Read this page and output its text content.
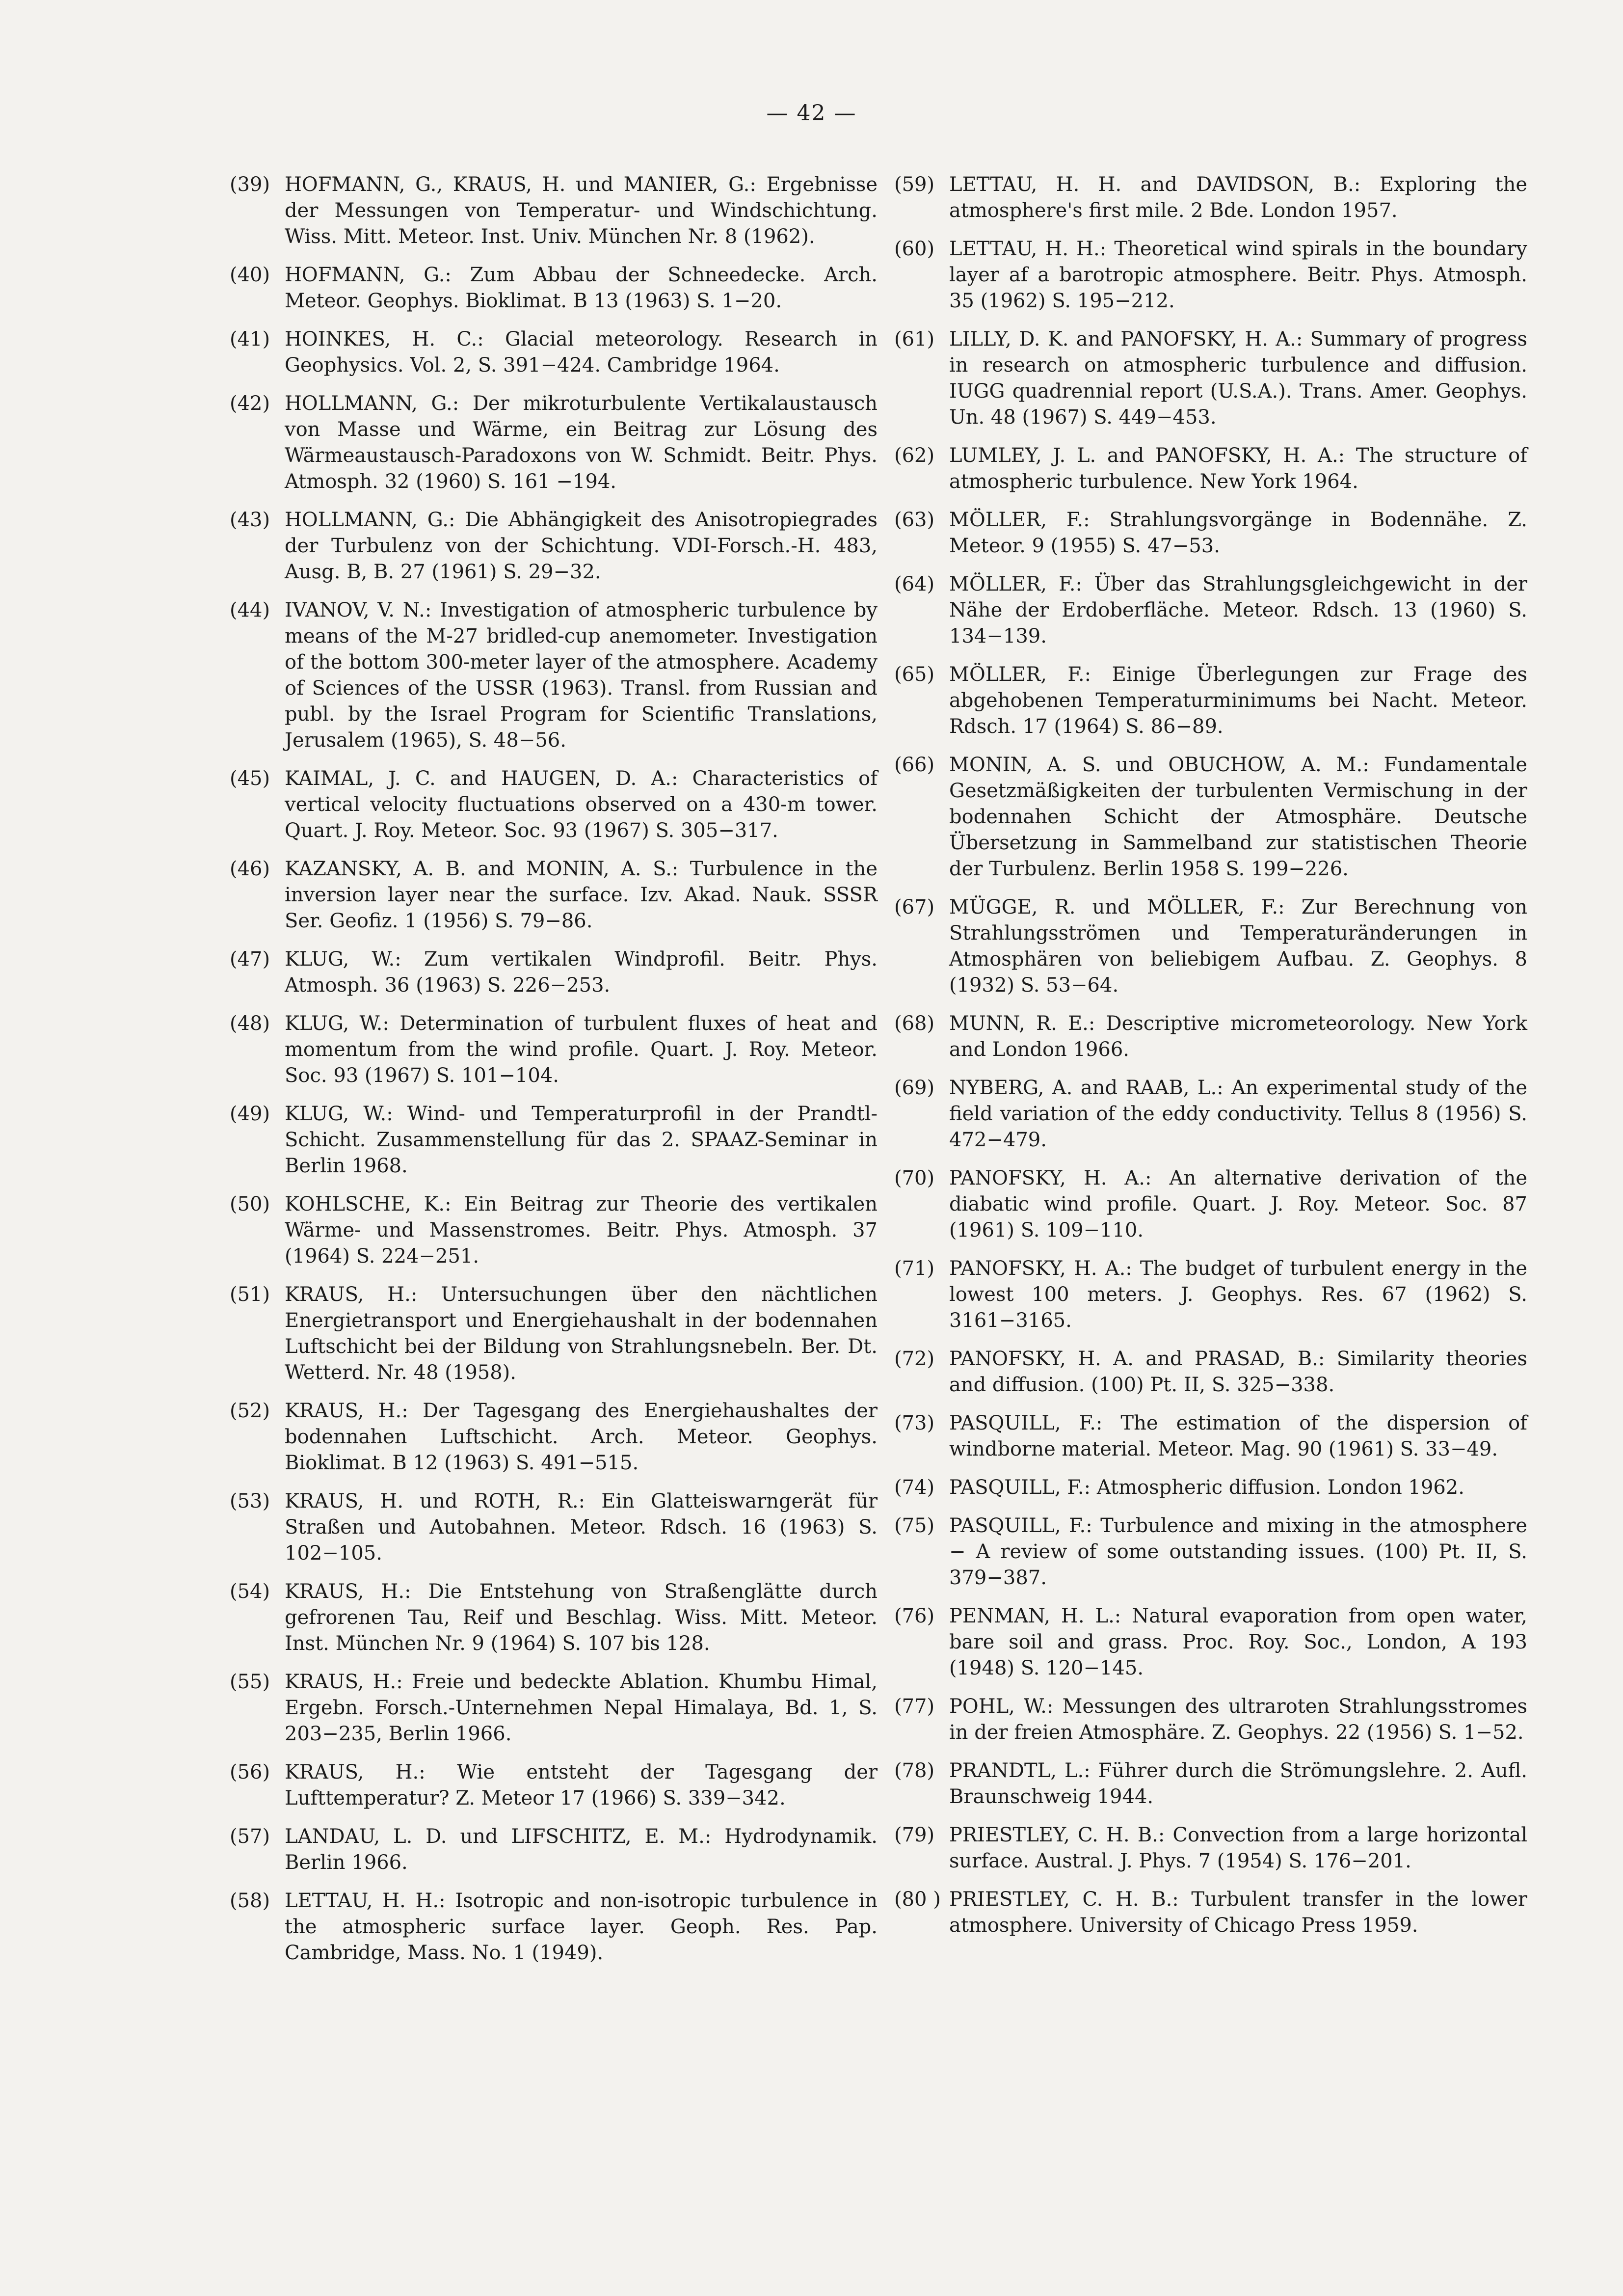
— 42 —
(39) HOFMANN, G., KRAUS, H. und MANIER, G.: Ergebnisse der Messungen von Temperatur- und Windschichtung. Wiss. Mitt. Meteor. Inst. Univ. München Nr. 8 (1962).
(40) HOFMANN, G.: Zum Abbau der Schneedecke. Arch. Meteor. Geophys. Bioklimat. B 13 (1963) S. 1−20.
(41) HOINKES, H. C.: Glacial meteorology. Research in Geophysics. Vol. 2, S. 391−424. Cambridge 1964.
(42) HOLLMANN, G.: Der mikroturbulente Vertikalaustausch von Masse und Wärme, ein Beitrag zur Lösung des Wärmeaustausch-Paradoxons von W. Schmidt. Beitr. Phys. Atmosph. 32 (1960) S. 161 −194.
(43) HOLLMANN, G.: Die Abhängigkeit des Anisotropiegrades der Turbulenz von der Schichtung. VDI-Forsch.-H. 483, Ausg. B, B. 27 (1961) S. 29−32.
(44) IVANOV, V. N.: Investigation of atmospheric turbulence by means of the M-27 bridled-cup anemometer. Investigation of the bottom 300-meter layer of the atmosphere. Academy of Sciences of the USSR (1963). Transl. from Russian and publ. by the Israel Program for Scientific Translations, Jerusalem (1965), S. 48−56.
(45) KAIMAL, J. C. and HAUGEN, D. A.: Characteristics of vertical velocity fluctuations observed on a 430-m tower. Quart. J. Roy. Meteor. Soc. 93 (1967) S. 305−317.
(46) KAZANSKY, A. B. and MONIN, A. S.: Turbulence in the inversion layer near the surface. Izv. Akad. Nauk. SSSR Ser. Geofiz. 1 (1956) S. 79−86.
(47) KLUG, W.: Zum vertikalen Windprofil. Beitr. Phys. Atmosph. 36 (1963) S. 226−253.
(48) KLUG, W.: Determination of turbulent fluxes of heat and momentum from the wind profile. Quart. J. Roy. Meteor. Soc. 93 (1967) S. 101−104.
(49) KLUG, W.: Wind- und Temperaturprofil in der Prandtl-Schicht. Zusammenstellung für das 2. SPAAZ-Seminar in Berlin 1968.
(50) KOHLSCHE, K.: Ein Beitrag zur Theorie des vertikalen Wärme- und Massenstromes. Beitr. Phys. Atmosph. 37 (1964) S. 224−251.
(51) KRAUS, H.: Untersuchungen über den nächtlichen Energietransport und Energiehaushalt in der bodennahen Luftschicht bei der Bildung von Strahlungsnebeln. Ber. Dt. Wetterd. Nr. 48 (1958).
(52) KRAUS, H.: Der Tagesgang des Energiehaushaltes der bodennahen Luftschicht. Arch. Meteor. Geophys. Bioklimat. B 12 (1963) S. 491−515.
(53) KRAUS, H. und ROTH, R.: Ein Glatteiswarngerät für Straßen und Autobahnen. Meteor. Rdsch. 16 (1963) S. 102−105.
(54) KRAUS, H.: Die Entstehung von Straßenglätte durch gefrorenen Tau, Reif und Beschlag. Wiss. Mitt. Meteor. Inst. München Nr. 9 (1964) S. 107 bis 128.
(55) KRAUS, H.: Freie und bedeckte Ablation. Khumbu Himal, Ergebn. Forsch.-Unternehmen Nepal Himalaya, Bd. 1, S. 203−235, Berlin 1966.
(56) KRAUS, H.: Wie entsteht der Tagesgang der Lufttemperatur? Z. Meteor 17 (1966) S. 339−342.
(57) LANDAU, L. D. und LIFSCHITZ, E. M.: Hydrodynamik. Berlin 1966.
(58) LETTAU, H. H.: Isotropic and non-isotropic turbulence in the atmospheric surface layer. Geoph. Res. Pap. Cambridge, Mass. No. 1 (1949).
(59) LETTAU, H. H. and DAVIDSON, B.: Exploring the atmosphere's first mile. 2 Bde. London 1957.
(60) LETTAU, H. H.: Theoretical wind spirals in the boundary layer af a barotropic atmosphere. Beitr. Phys. Atmosph. 35 (1962) S. 195−212.
(61) LILLY, D. K. and PANOFSKY, H. A.: Summary of progress in research on atmospheric turbulence and diffusion. IUGG quadrennial report (U.S.A.). Trans. Amer. Geophys. Un. 48 (1967) S. 449−453.
(62) LUMLEY, J. L. and PANOFSKY, H. A.: The structure of atmospheric turbulence. New York 1964.
(63) MÖLLER, F.: Strahlungsvorgänge in Bodennähe. Z. Meteor. 9 (1955) S. 47−53.
(64) MÖLLER, F.: Über das Strahlungsgleichgewicht in der Nähe der Erdoberfläche. Meteor. Rdsch. 13 (1960) S. 134−139.
(65) MÖLLER, F.: Einige Überlegungen zur Frage des abgehobenen Temperaturminimums bei Nacht. Meteor. Rdsch. 17 (1964) S. 86−89.
(66) MONIN, A. S. und OBUCHOW, A. M.: Fundamentale Gesetzmäßigkeiten der turbulenten Vermischung in der bodennahen Schicht der Atmosphäre. Deutsche Übersetzung in Sammelband zur statistischen Theorie der Turbulenz. Berlin 1958 S. 199−226.
(67) MÜGGE, R. und MÖLLER, F.: Zur Berechnung von Strahlungsströmen und Temperaturänderungen in Atmosphären von beliebigem Aufbau. Z. Geophys. 8 (1932) S. 53−64.
(68) MUNN, R. E.: Descriptive micrometeorology. New York and London 1966.
(69) NYBERG, A. and RAAB, L.: An experimental study of the field variation of the eddy conductivity. Tellus 8 (1956) S. 472−479.
(70) PANOFSKY, H. A.: An alternative derivation of the diabatic wind profile. Quart. J. Roy. Meteor. Soc. 87 (1961) S. 109−110.
(71) PANOFSKY, H. A.: The budget of turbulent energy in the lowest 100 meters. J. Geophys. Res. 67 (1962) S. 3161−3165.
(72) PANOFSKY, H. A. and PRASAD, B.: Similarity theories and diffusion. (100) Pt. II, S. 325−338.
(73) PASQUILL, F.: The estimation of the dispersion of windborne material. Meteor. Mag. 90 (1961) S. 33−49.
(74) PASQUILL, F.: Atmospheric diffusion. London 1962.
(75) PASQUILL, F.: Turbulence and mixing in the atmosphere − A review of some outstanding issues. (100) Pt. II, S. 379−387.
(76) PENMAN, H. L.: Natural evaporation from open water, bare soil and grass. Proc. Roy. Soc., London, A 193 (1948) S. 120−145.
(77) POHL, W.: Messungen des ultraroten Strahlungsstromes in der freien Atmosphäre. Z. Geophys. 22 (1956) S. 1−52.
(78) PRANDTL, L.: Führer durch die Strömungslehre. 2. Aufl. Braunschweig 1944.
(79) PRIESTLEY, C. H. B.: Convection from a large horizontal surface. Austral. J. Phys. 7 (1954) S. 176−201.
(80 ) PRIESTLEY, C. H. B.: Turbulent transfer in the lower atmosphere. University of Chicago Press 1959.
